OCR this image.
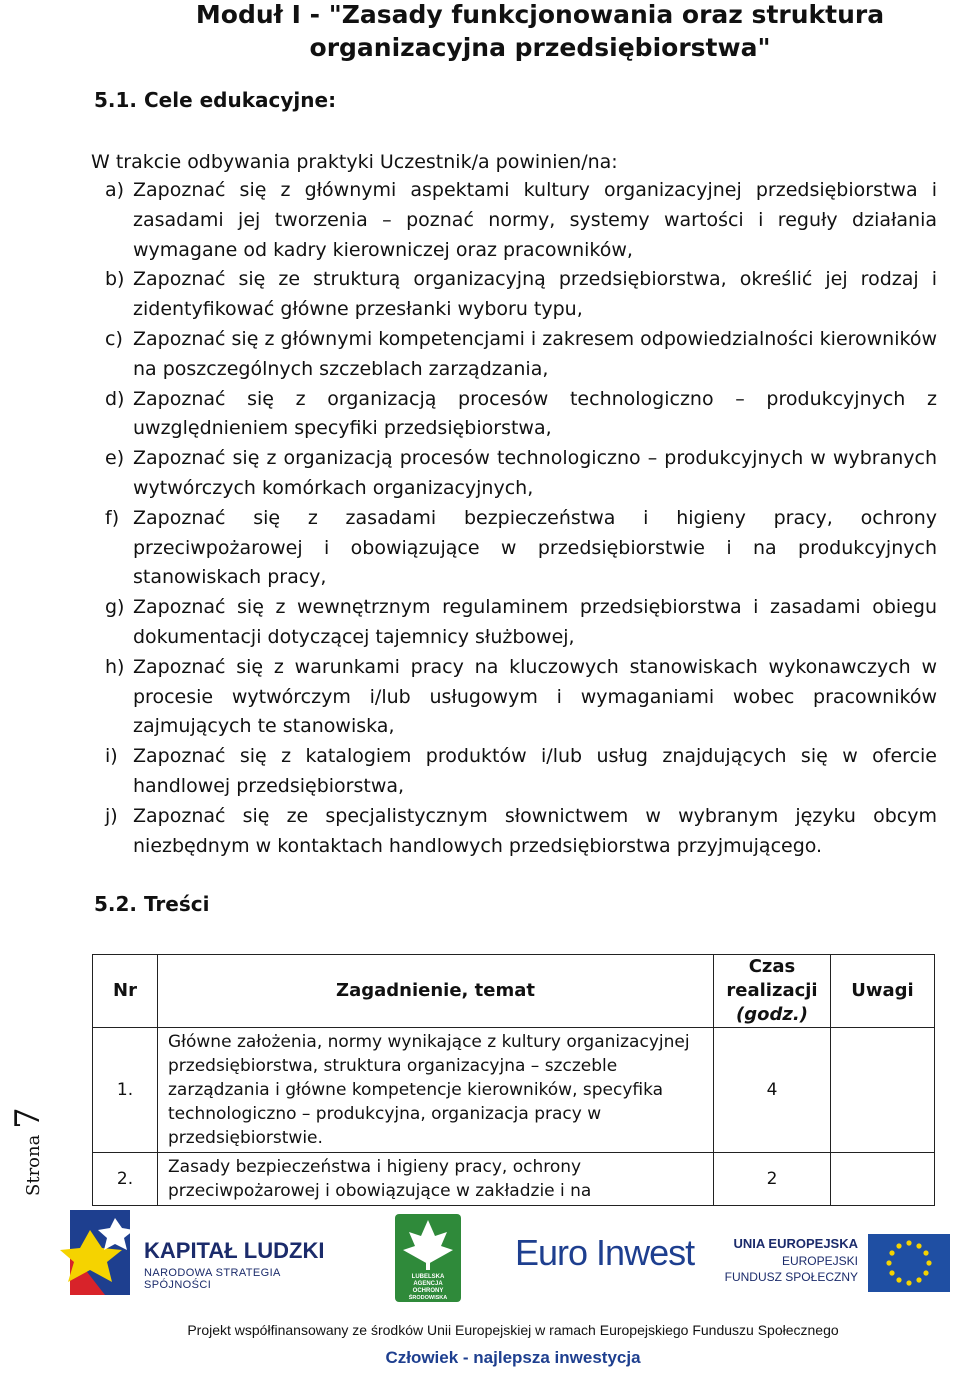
Moduł I - "Zasady funkcjonowania oraz struktura
organizacyjna przedsiębiorstwa"
5.1. Cele edukacyjne:
W trakcie odbywania praktyki Uczestnik/a powinien/na:
a) Zapoznać się z głównymi aspektami kultury organizacyjnej przedsiębiorstwa i zasadami jej tworzenia – poznać normy, systemy wartości i reguły działania wymagane od kadry kierowniczej oraz pracowników,
b) Zapoznać się ze strukturą organizacyjną przedsiębiorstwa, określić jej rodzaj i zidentyfikować główne przesłanki wyboru typu,
c) Zapoznać się z głównymi kompetencjami i zakresem odpowiedzialności kierowników na poszczególnych szczeblach zarządzania,
d) Zapoznać się z organizacją procesów technologiczno – produkcyjnych z uwzględnieniem specyfiki przedsiębiorstwa,
e) Zapoznać się z organizacją procesów technologiczno – produkcyjnych w wybranych wytwórczych komórkach organizacyjnych,
f) Zapoznać się z zasadami bezpieczeństwa i higieny pracy, ochrony przeciwpożarowej i obowiązujące w przedsiębiorstwie i na produkcyjnych stanowiskach pracy,
g) Zapoznać się z wewnętrznym regulaminem przedsiębiorstwa i zasadami obiegu dokumentacji dotyczącej tajemnicy służbowej,
h) Zapoznać się z warunkami pracy na kluczowych stanowiskach wykonawczych w procesie wytwórczym i/lub usługowym i wymaganiami wobec pracowników zajmujących te stanowiska,
i) Zapoznać się z katalogiem produktów i/lub usług znajdujących się w ofercie handlowej przedsiębiorstwa,
j) Zapoznać się ze specjalistycznym słownictwem w wybranym języku obcym niezbędnym w kontaktach handlowych przedsiębiorstwa przyjmującego.
5.2. Treści
Nr	Zagadnienie, temat	Czas
realizacji
(godz.)	Uwagi
1.	Główne założenia, normy wynikające z kultury organizacyjnej przedsiębiorstwa, struktura organizacyjna – szczeble zarządzania i główne kompetencje kierowników, specyfika technologiczno – produkcyjna, organizacja pracy w przedsiębiorstwie.	4	
2.	Zasady bezpieczeństwa i higieny pracy, ochrony przeciwpożarowej i obowiązujące w zakładzie i na	2	
Strona 7
KAPITAŁ LUDZKI
NARODOWA STRATEGIA SPÓJNOŚCI
LUBELSKA
AGENCJA
OCHRONY
ŚRODOWISKA
Euro Inwest	UNIA EUROPEJSKA
EUROPEJSKI
FUNDUSZ SPOŁECZNY
Projekt współfinansowany ze środków Unii Europejskiej w ramach Europejskiego Funduszu Społecznego
Człowiek - najlepsza inwestycja
